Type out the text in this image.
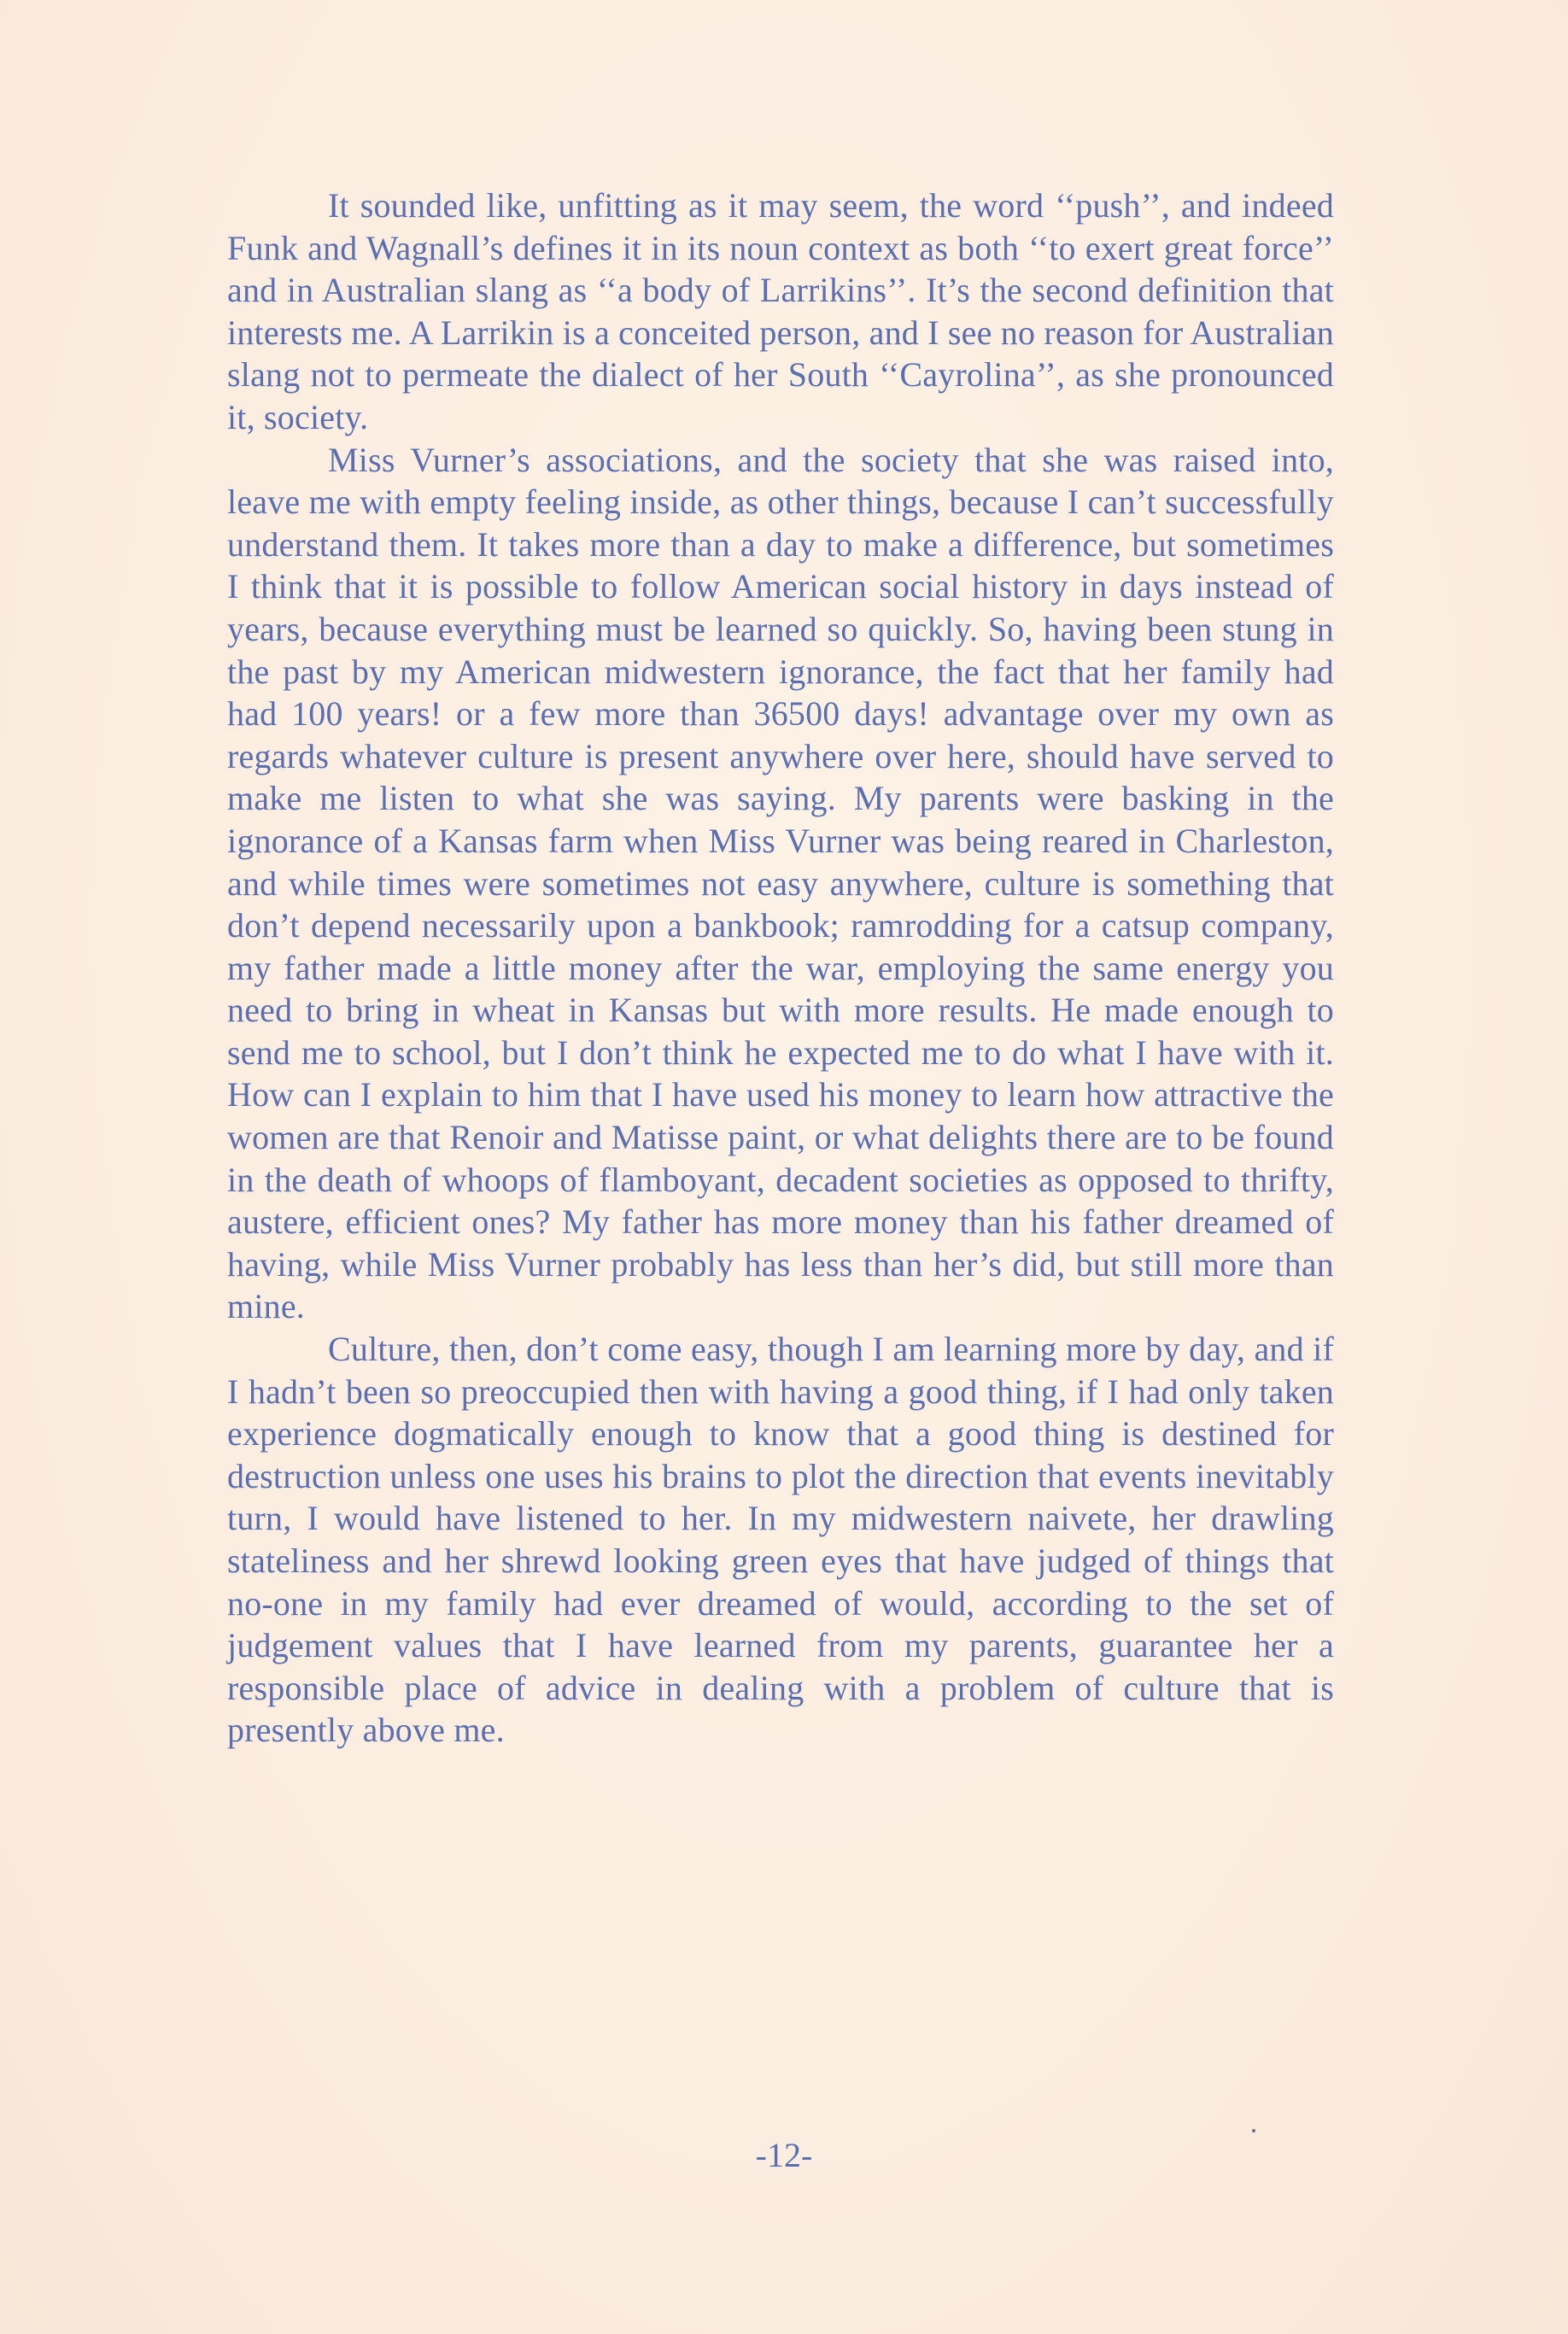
It sounded like, unfitting as it may seem, the word ‘‘push’’, and indeed Funk and Wagnall’s defines it in its noun context as both ‘‘to exert great force’’ and in Australian slang as ‘‘a body of Larrikins’’. It’s the second definition that interests me. A Larrikin is a conceited person, and I see no reason for Australian slang not to permeate the dialect of her South ‘‘Cayrolina’’, as she pronounced it, society.

Miss Vurner’s associations, and the society that she was raised into, leave me with empty feeling inside, as other things, because I can’t successfully understand them. It takes more than a day to make a difference, but sometimes I think that it is possible to follow American social history in days instead of years, because everything must be learned so quickly. So, having been stung in the past by my American midwestern ignorance, the fact that her family had had 100 years! or a few more than 36500 days! advantage over my own as regards whatever culture is present anywhere over here, should have served to make me listen to what she was saying. My parents were basking in the ignorance of a Kansas farm when Miss Vurner was being reared in Charleston, and while times were sometimes not easy anywhere, culture is something that don’t depend necessarily upon a bankbook; ramrodding for a catsup company, my father made a little money after the war, employing the same energy you need to bring in wheat in Kansas but with more results. He made enough to send me to school, but I don’t think he expected me to do what I have with it. How can I explain to him that I have used his money to learn how attractive the women are that Renoir and Matisse paint, or what delights there are to be found in the death of whoops of flamboyant, decadent societies as opposed to thrifty, austere, efficient ones? My father has more money than his father dreamed of having, while Miss Vurner probably has less than her’s did, but still more than mine.

Culture, then, don’t come easy, though I am learning more by day, and if I hadn’t been so preoccupied then with having a good thing, if I had only taken experience dogmatically enough to know that a good thing is destined for destruction unless one uses his brains to plot the direction that events inevitably turn, I would have listened to her. In my midwestern naivete, her drawling stateliness and her shrewd looking green eyes that have judged of things that no-one in my family had ever dreamed of would, according to the set of judgement values that I have learned from my parents, guarantee her a responsible place of advice in dealing with a problem of culture that is presently above me.

-12-
